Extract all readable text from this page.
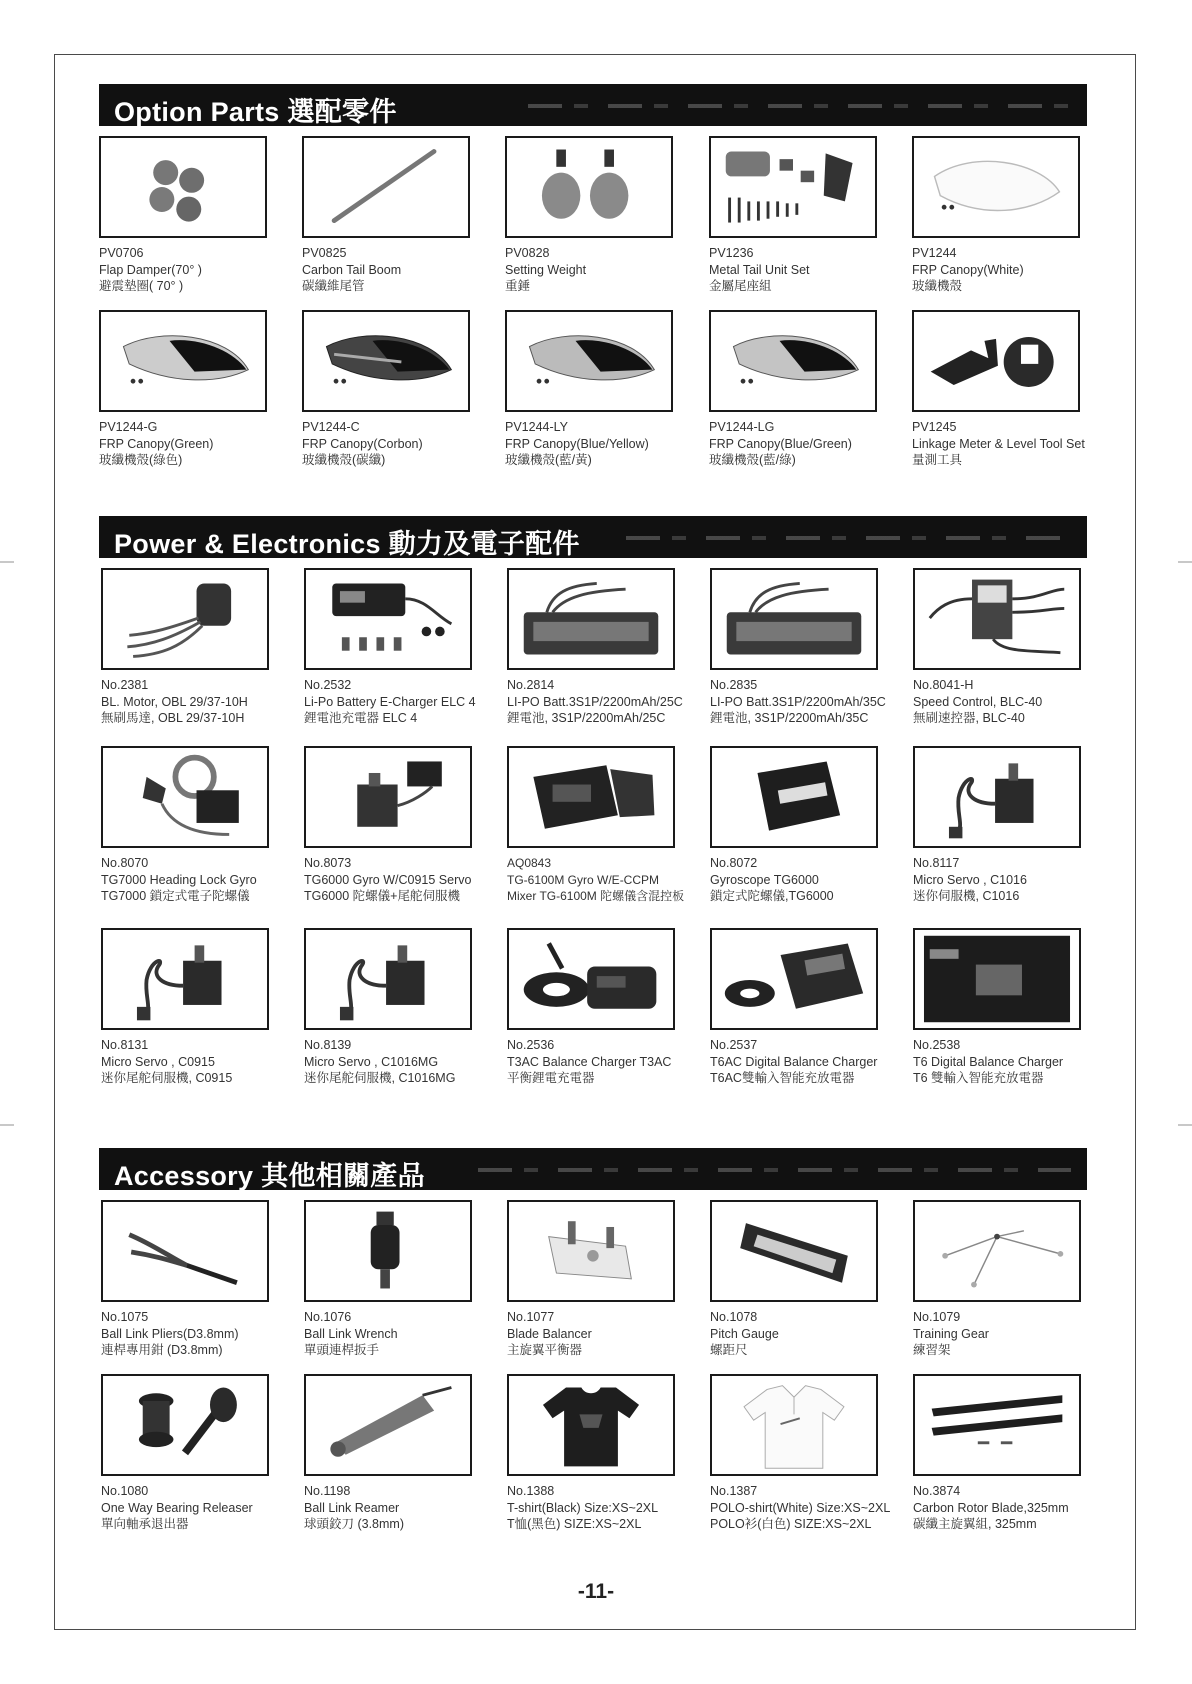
Option Parts 選配零件
PV0706
Flap Damper(70° )
避震墊圈( 70° )
PV0825
Carbon Tail Boom
碳纖維尾管
PV0828
Setting Weight
重錘
PV1236
Metal Tail Unit Set
金屬尾座組
PV1244
FRP Canopy(White)
玻纖機殼
PV1244-G
FRP Canopy(Green)
玻纖機殼(綠色)
PV1244-C
FRP Canopy(Corbon)
玻纖機殼(碳纖)
PV1244-LY
FRP Canopy(Blue/Yellow)
玻纖機殼(藍/黃)
PV1244-LG
FRP Canopy(Blue/Green)
玻纖機殼(藍/綠)
PV1245
Linkage Meter & Level Tool Set
量測工具
Power & Electronics 動力及電子配件
No.2381
BL. Motor, OBL 29/37-10H
無刷馬達, OBL 29/37-10H
No.2532
Li-Po Battery E-Charger ELC 4
鋰電池充電器 ELC 4
No.2814
LI-PO Batt.3S1P/2200mAh/25C
鋰電池, 3S1P/2200mAh/25C
No.2835
LI-PO Batt.3S1P/2200mAh/35C
鋰電池, 3S1P/2200mAh/35C
No.8041-H
Speed Control, BLC-40
無刷速控器, BLC-40
No.8070
TG7000 Heading Lock Gyro
TG7000 鎖定式電子陀螺儀
No.8073
TG6000 Gyro W/C0915 Servo
TG6000 陀螺儀+尾舵伺服機
AQ0843
TG-6100M Gyro W/E-CCPM
Mixer TG-6100M 陀螺儀含混控板
No.8072
Gyroscope TG6000
鎖定式陀螺儀,TG6000
No.8117
Micro Servo , C1016
迷你伺服機, C1016
No.8131
Micro Servo , C0915
迷你尾舵伺服機, C0915
No.8139
Micro Servo , C1016MG
迷你尾舵伺服機, C1016MG
No.2536
T3AC Balance Charger T3AC
平衡鋰電充電器
No.2537
T6AC Digital Balance Charger
T6AC雙輸入智能充放電器
No.2538
T6 Digital Balance Charger
T6 雙輸入智能充放電器
Accessory 其他相關產品
No.1075
Ball Link Pliers(D3.8mm)
連桿專用鉗 (D3.8mm)
No.1076
Ball Link Wrench
單頭連桿扳手
No.1077
Blade Balancer
主旋翼平衡器
No.1078
Pitch Gauge
螺距尺
No.1079
Training Gear
練習架
No.1080
One Way Bearing Releaser
單向軸承退出器
No.1198
Ball Link Reamer
球頭鉸刀 (3.8mm)
No.1388
T-shirt(Black) Size:XS~2XL
T恤(黑色) SIZE:XS~2XL
No.1387
POLO-shirt(White) Size:XS~2XL
POLO衫(白色) SIZE:XS~2XL
No.3874
Carbon Rotor Blade,325mm
碳纖主旋翼組, 325mm
-11-
